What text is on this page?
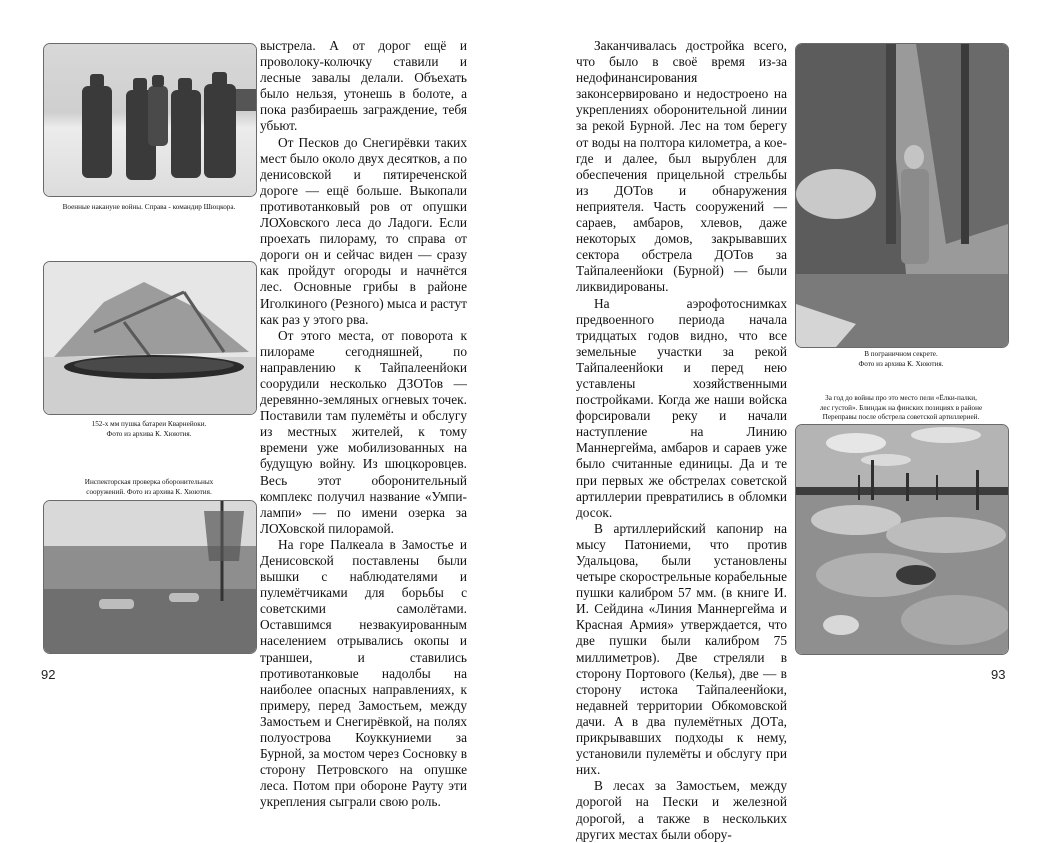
Военные накануне войны. Справа - командир Шюцкора.
152-х мм пушка батареи Кварнейоки.
Фото из архива К. Хюютия.
Инспекторская проверка оборонительных
сооружений. Фото из архива К. Хюютия.

выстрела. А от дорог ещё и проволоку-колючку ставили и лесные завалы делали. Объехать было нельзя, утонешь в болоте, а пока разбираешь заграждение, тебя убьют.

От Песков до Снегирёвки таких мест было около двух десятков, а по денисовской и пятиреченской дороге — ещё больше. Выкопали противотанковый ров от опушки ЛОХовского леса до Ладоги. Если проехать пилораму, то справа от дороги он и сейчас виден — сразу как пройдут огороды и начнётся лес. Основные грибы в районе Иголкиного (Резного) мыса и растут как раз у этого рва.

От этого места, от поворота к пилораме сегодняшней, по направлению к Тайпалеенйоки соорудили несколько ДЗОТов — деревянно-земляных огневых точек. Поставили там пулемёты и обслугу из местных жителей, к тому времени уже мобилизованных на будущую войну. Из шюцкоровцев. Весь этот оборонительный комплекс получил название «Умпи-лампи» — по имени озерка за ЛОХовской пилорамой.

На горе Палкеала в Замостье и Денисовской поставлены были вышки с наблюдателями и пулемётчиками для борьбы с советскими самолётами. Оставшимся незвакуированным населением отрывались окопы и траншеи, и ставились противотанковые надолбы на наиболее опасных направлениях, к примеру, перед Замостьем, между Замостьем и Снегирёвкой, на полях полуострова Коуккуниеми за Бурной, за мостом через Сосновку в сторону Петровского на опушке леса. Потом при обороне Рауту эти укрепления сыграли свою роль.

92

Заканчивалась достройка всего, что было в своё время из-за недофинансирования законсервировано и недостроено на укреплениях оборонительной линии за рекой Бурной. Лес на том берегу от воды на полтора километра, а кое-где и далее, был вырублен для обеспечения прицельной стрельбы из ДОТов и обнаружения неприятеля. Часть сооружений — сараев, амбаров, хлевов, даже некоторых домов, закрывавших сектора обстрела ДОТов за Тайпалеенйоки (Бурной) — были ликвидированы.

На аэрофотоснимках предвоенного периода начала тридцатых годов видно, что все земельные участки за рекой Тайпалеенйоки и перед нею уставлены хозяйственными постройками. Когда же наши войска форсировали реку и начали наступление на Линию Маннергейма, амбаров и сараев уже было считанные единицы. Да и те при первых же обстрелах советской артиллерии превратились в обломки досок.

В артиллерийский капонир на мысу Патониеми, что против Удальцова, были установлены четыре скорострельные корабельные пушки калибром 57 мм. (в книге И. И. Сейдина «Линия Маннергейма и Красная Армия» утверждается, что две пушки были калибром 75 миллиметров). Две стреляли в сторону Портового (Келья), две — в сторону истока Тайпалеенйоки, недавней территории Обкомовской дачи. А в два пулемётных ДОТа, прикрывавших подходы к нему, установили пулемёты и обслугу при них.

В лесах за Замостьем, между дорогой на Пески и железной дорогой, а также в нескольких других местах были обору-

В пограничном секрете.
Фото из архива К. Хюютия.
За год до войны про это место пели «Ёлки-палки,
лес густой». Блиндаж на финских позициях в районе
Переправы после обстрела советской артиллерией.
93
